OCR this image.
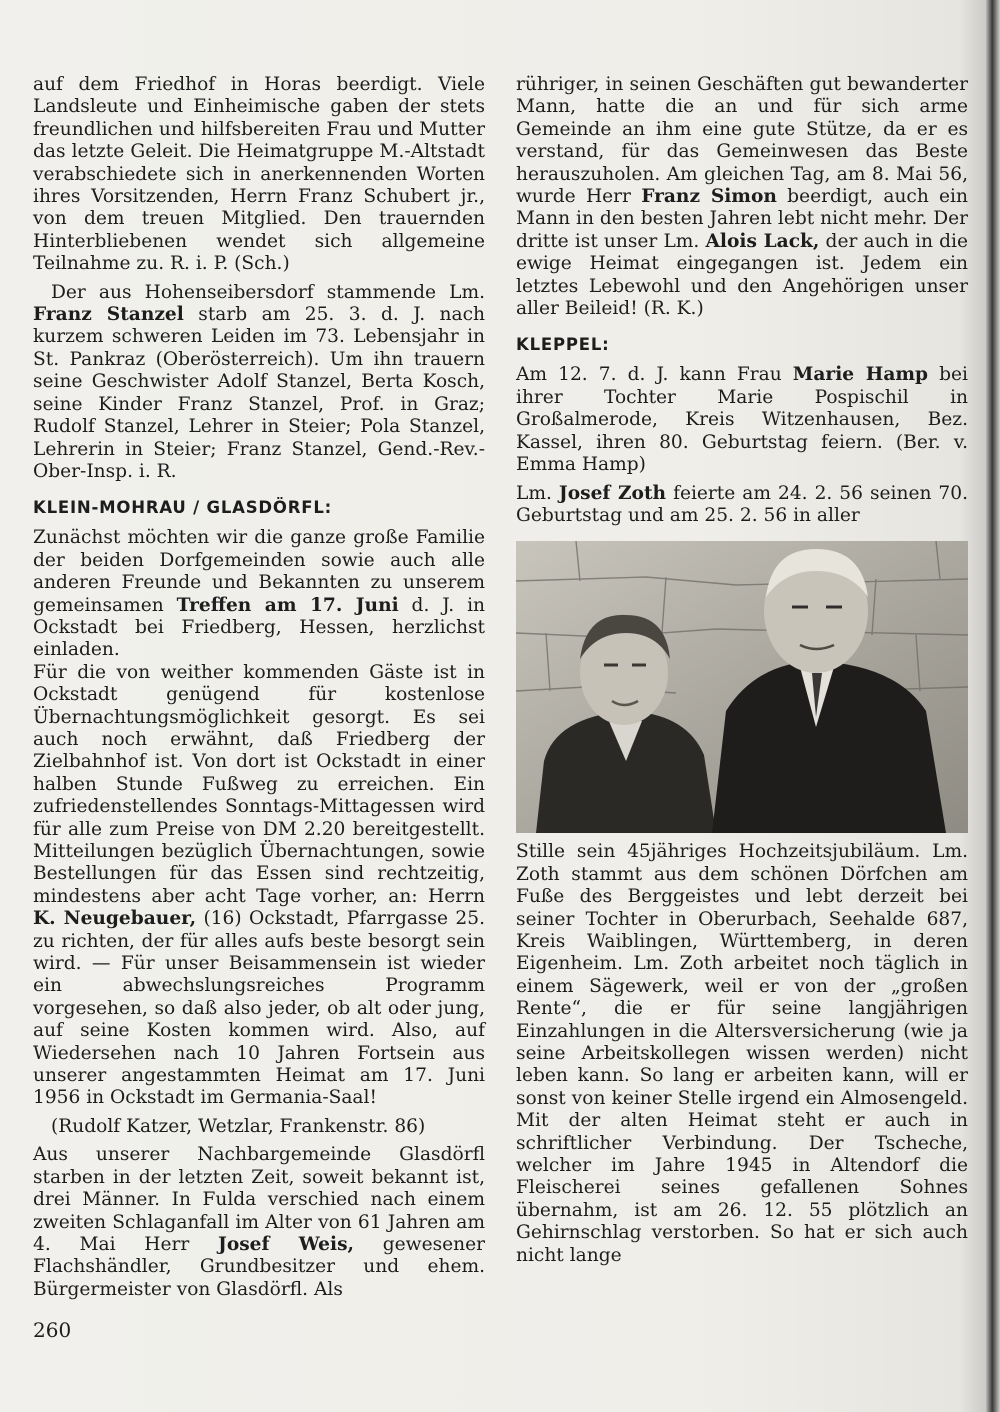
auf dem Friedhof in Horas beerdigt. Viele Landsleute und Einheimische gaben der stets freundlichen und hilfsbereiten Frau und Mutter das letzte Geleit. Die Heimatgruppe M.-Altstadt verabschiedete sich in anerkennenden Worten ihres Vorsitzenden, Herrn Franz Schubert jr., von dem treuen Mitglied. Den trauernden Hinterbliebenen wendet sich allgemeine Teilnahme zu. R. i. P. (Sch.)

Der aus Hohenseibersdorf stammende Lm. Franz Stanzel starb am 25. 3. d. J. nach kurzem schweren Leiden im 73. Lebensjahr in St. Pankraz (Oberösterreich). Um ihn trauern seine Geschwister Adolf Stanzel, Berta Kosch, seine Kinder Franz Stanzel, Prof. in Graz; Rudolf Stanzel, Lehrer in Steier; Pola Stanzel, Lehrerin in Steier; Franz Stanzel, Gend.-Rev.-Ober-Insp. i. R.

KLEIN-MOHRAU / GLASDÖRFL:

Zunächst möchten wir die ganze große Familie der beiden Dorfgemeinden sowie auch alle anderen Freunde und Bekannten zu unserem gemeinsamen Treffen am 17. Juni d. J. in Ockstadt bei Friedberg, Hessen, herzlichst einladen.

Für die von weither kommenden Gäste ist in Ockstadt genügend für kostenlose Übernachtungsmöglichkeit gesorgt. Es sei auch noch erwähnt, daß Friedberg der Zielbahnhof ist. Von dort ist Ockstadt in einer halben Stunde Fußweg zu erreichen. Ein zufriedenstellendes Sonntags-Mittagessen wird für alle zum Preise von DM 2.20 bereitgestellt. Mitteilungen bezüglich Übernachtungen, sowie Bestellungen für das Essen sind rechtzeitig, mindestens aber acht Tage vorher, an: Herrn K. Neugebauer, (16) Ockstadt, Pfarrgasse 25. zu richten, der für alles aufs beste besorgt sein wird. — Für unser Beisammensein ist wieder ein abwechslungsreiches Programm vorgesehen, so daß also jeder, ob alt oder jung, auf seine Kosten kommen wird. Also, auf Wiedersehen nach 10 Jahren Fortsein aus unserer angestammten Heimat am 17. Juni 1956 in Ockstadt im Germania-Saal!

(Rudolf Katzer, Wetzlar, Frankenstr. 86)

Aus unserer Nachbargemeinde Glasdörfl starben in der letzten Zeit, soweit bekannt ist, drei Männer. In Fulda verschied nach einem zweiten Schlaganfall im Alter von 61 Jahren am 4. Mai Herr Josef Weis, gewesener Flachshändler, Grundbesitzer und ehem. Bürgermeister von Glasdörfl. Als

rühriger, in seinen Geschäften gut bewanderter Mann, hatte die an und für sich arme Gemeinde an ihm eine gute Stütze, da er es verstand, für das Gemeinwesen das Beste herauszuholen. Am gleichen Tag, am 8. Mai 56, wurde Herr Franz Simon beerdigt, auch ein Mann in den besten Jahren lebt nicht mehr. Der dritte ist unser Lm. Alois Lack, der auch in die ewige Heimat eingegangen ist. Jedem ein letztes Lebewohl und den Angehörigen unser aller Beileid! (R. K.)

KLEPPEL:

Am 12. 7. d. J. kann Frau Marie Hamp bei ihrer Tochter Marie Pospischil in Großalmerode, Kreis Witzenhausen, Bez. Kassel, ihren 80. Geburtstag feiern. (Ber. v. Emma Hamp)

Lm. Josef Zoth feierte am 24. 2. 56 seinen 70. Geburtstag und am 25. 2. 56 in aller

Stille sein 45jähriges Hochzeitsjubiläum. Lm. Zoth stammt aus dem schönen Dörfchen am Fuße des Berggeistes und lebt derzeit bei seiner Tochter in Oberurbach, Seehalde 687, Kreis Waiblingen, Württemberg, in deren Eigenheim. Lm. Zoth arbeitet noch täglich in einem Sägewerk, weil er von der „großen Rente“, die er für seine langjährigen Einzahlungen in die Altersversicherung (wie ja seine Arbeitskollegen wissen werden) nicht leben kann. So lang er arbeiten kann, will er sonst von keiner Stelle irgend ein Almosengeld. Mit der alten Heimat steht er auch in schriftlicher Verbindung. Der Tscheche, welcher im Jahre 1945 in Altendorf die Fleischerei seines gefallenen Sohnes übernahm, ist am 26. 12. 55 plötzlich an Gehirnschlag verstorben. So hat er sich auch nicht lange

260
